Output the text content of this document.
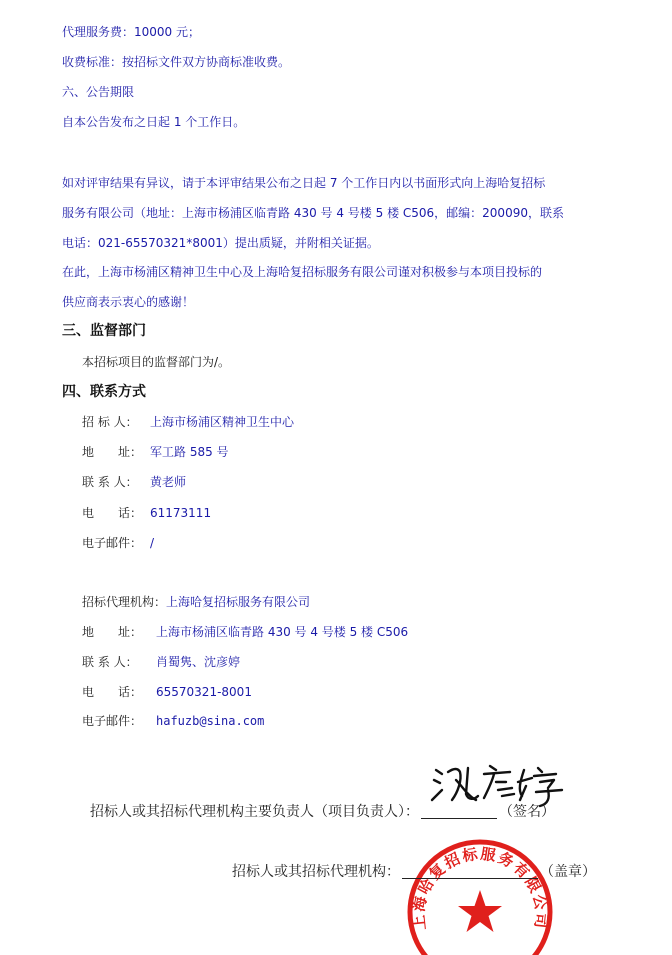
代理服务费：10000 元；
收费标准：按招标文件双方协商标准收费。
六、公告期限
自本公告发布之日起 1 个工作日。
如对评审结果有异议，请于本评审结果公布之日起 7 个工作日内以书面形式向上海哈复招标
服务有限公司（地址：上海市杨浦区临青路 430 号 4 号楼 5 楼 C506，邮编：200090，联系
电话：021-65570321*8001）提出质疑，并附相关证据。
在此，上海市杨浦区精神卫生中心及上海哈复招标服务有限公司谨对积极参与本项目投标的
供应商表示衷心的感谢！
三、监督部门
本招标项目的监督部门为/。
四、联系方式
招 标 人： 上海市杨浦区精神卫生中心
地　　址： 军工路 585 号
联 系 人： 黄老师
电　　话： 61173111
电子邮件： /
招标代理机构：上海哈复招标服务有限公司
地　　址： 上海市杨浦区临青路 430 号 4 号楼 5 楼 C506
联 系 人： 肖蜀隽、沈彦婷
电　　话： 65570321-8001
电子邮件： hafuzb@sina.com
招标人或其招标代理机构主要负责人（项目负责人）：	（签名）
上海哈复招标服务有限公司
招标人或其招标代理机构：	（盖章）
